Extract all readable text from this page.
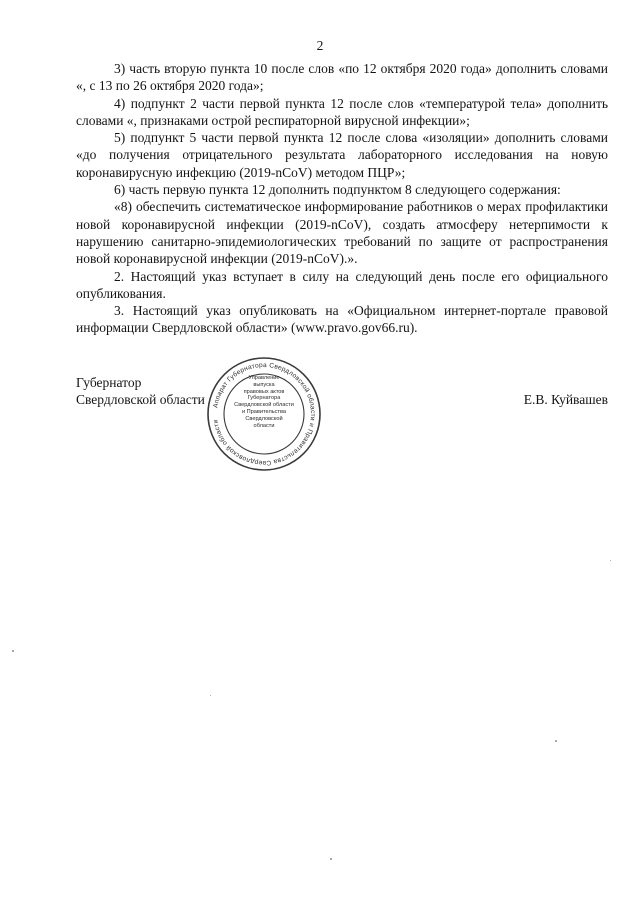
2

3) часть вторую пункта 10 после слов «по 12 октября 2020 года» дополнить словами «, с 13 по 26 октября 2020 года»;

4) подпункт 2 части первой пункта 12 после слов «температурой тела» дополнить словами «, признаками острой респираторной вирусной инфекции»;

5) подпункт 5 части первой пункта 12 после слова «изоляции» дополнить словами «до получения отрицательного результата лабораторного исследования на новую коронавирусную инфекцию (2019-nCoV) методом ПЦР»;

6) часть первую пункта 12 дополнить подпунктом 8 следующего содержания:

«8) обеспечить систематическое информирование работников о мерах профилактики новой коронавирусной инфекции (2019-nCoV), создать атмосферу нетерпимости к нарушению санитарно-эпидемиологических требований по защите от распространения новой коронавирусной инфекции (2019-nCoV).».

2. Настоящий указ вступает в силу на следующий день после его официального опубликования.

3. Настоящий указ опубликовать на «Официальном интернет-портале правовой информации Свердловской области» (www.pravo.gov66.ru).

Губернатор
Свердловской области Аппарат Губернатора Свердловской области и Правительства Свердловской области
Управление
выпуска
правовых актов
Губернатора
Свердловской области
и Правительства
Свердловской
области
Е.В. Куйвашев
